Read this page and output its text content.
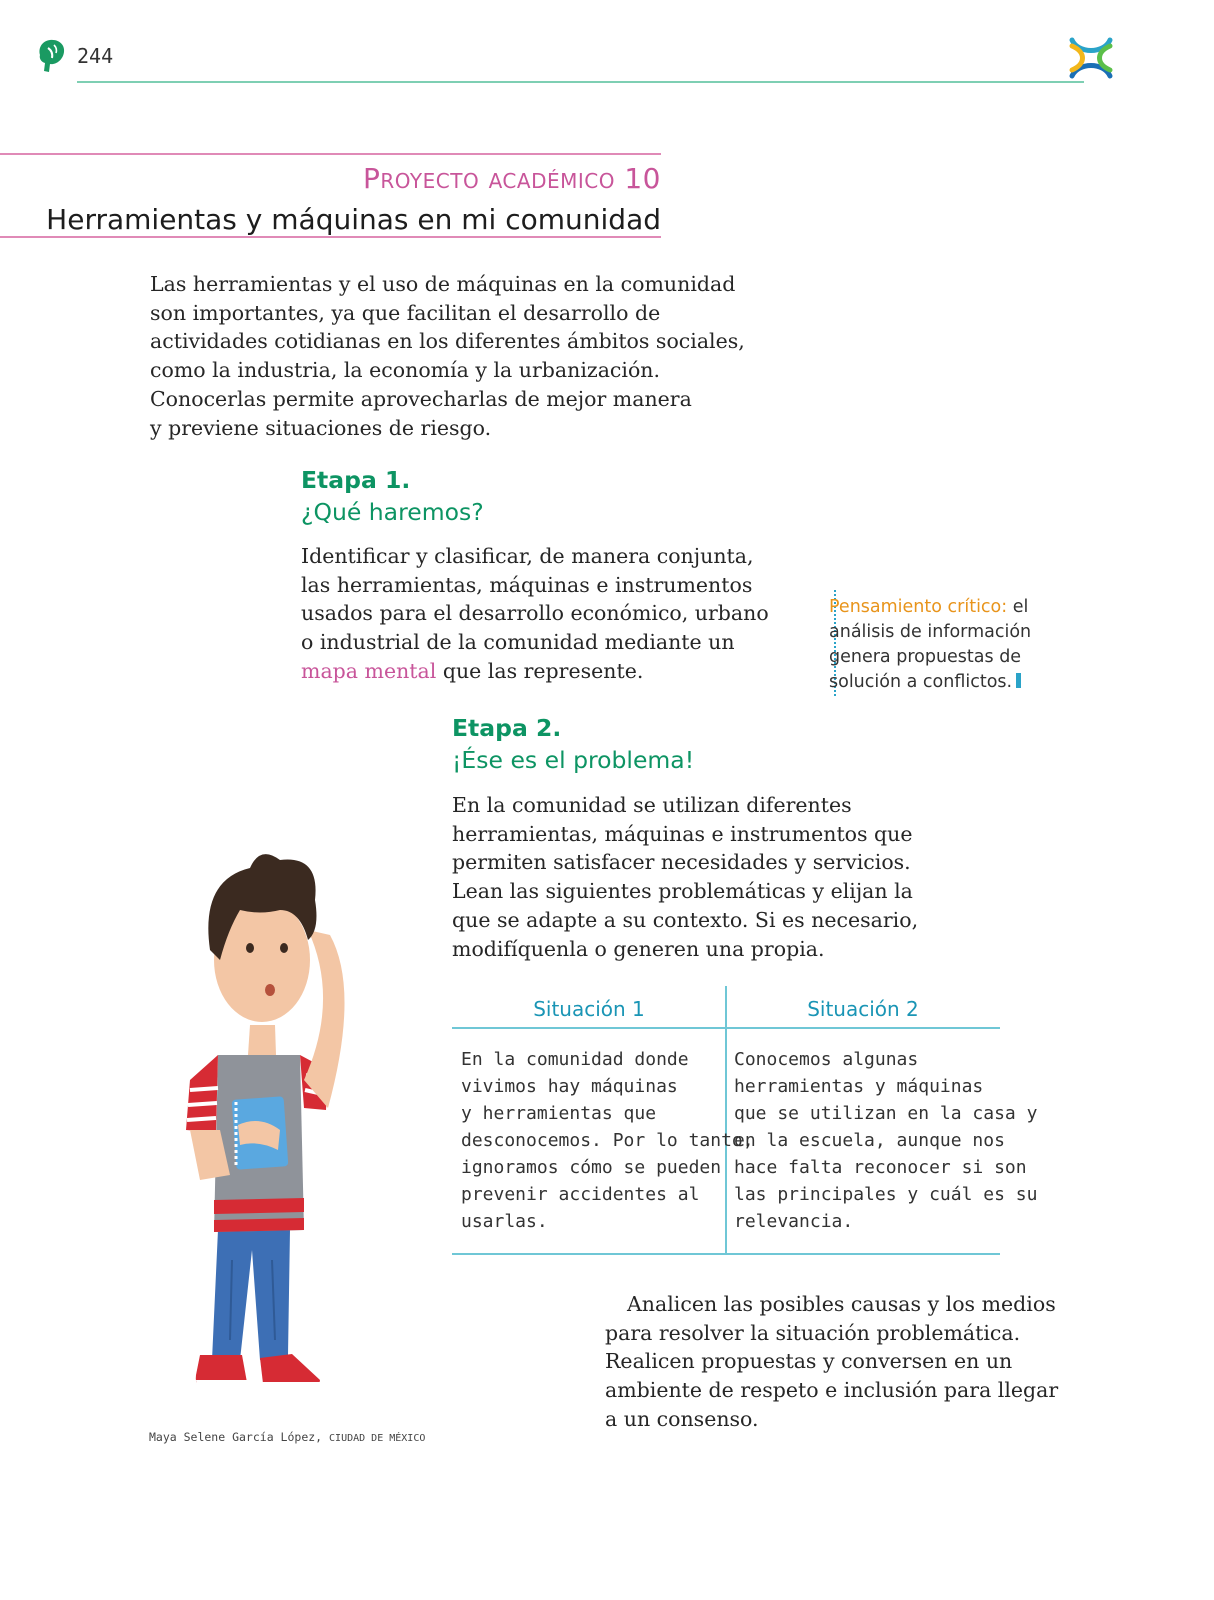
244
Proyecto académico 10
Herramientas y máquinas en mi comunidad
Las herramientas y el uso de máquinas en la comunidad
son importantes, ya que facilitan el desarrollo de
actividades cotidianas en los diferentes ámbitos sociales,
como la industria, la economía y la urbanización.
Conocerlas permite aprovecharlas de mejor manera
y previene situaciones de riesgo.
Etapa 1.
¿Qué haremos?
Identificar y clasificar, de manera conjunta,
las herramientas, máquinas e instrumentos
usados para el desarrollo económico, urbano
o industrial de la comunidad mediante un
mapa mental que las represente.
Pensamiento crítico: el
análisis de información
genera propuestas de
solución a conflictos.
Etapa 2.
¡Ése es el problema!
En la comunidad se utilizan diferentes
herramientas, máquinas e instrumentos que
permiten satisfacer necesidades y servicios.
Lean las siguientes problemáticas y elijan la
que se adapte a su contexto. Si es necesario,
modifíquenla o generen una propia.
Situación 1	Situación 2
En la comunidad donde
vivimos hay máquinas
y herramientas que
desconocemos. Por lo tanto,
ignoramos cómo se pueden
prevenir accidentes al
usarlas.
Conocemos algunas
herramientas y máquinas
que se utilizan en la casa y
en la escuela, aunque nos
hace falta reconocer si son
las principales y cuál es su
relevancia.
Analicen las posibles causas y los medios
para resolver la situación problemática.
Realicen propuestas y conversen en un
ambiente de respeto e inclusión para llegar
a un consenso.
Maya Selene García López, CIUDAD DE MÉXICO
